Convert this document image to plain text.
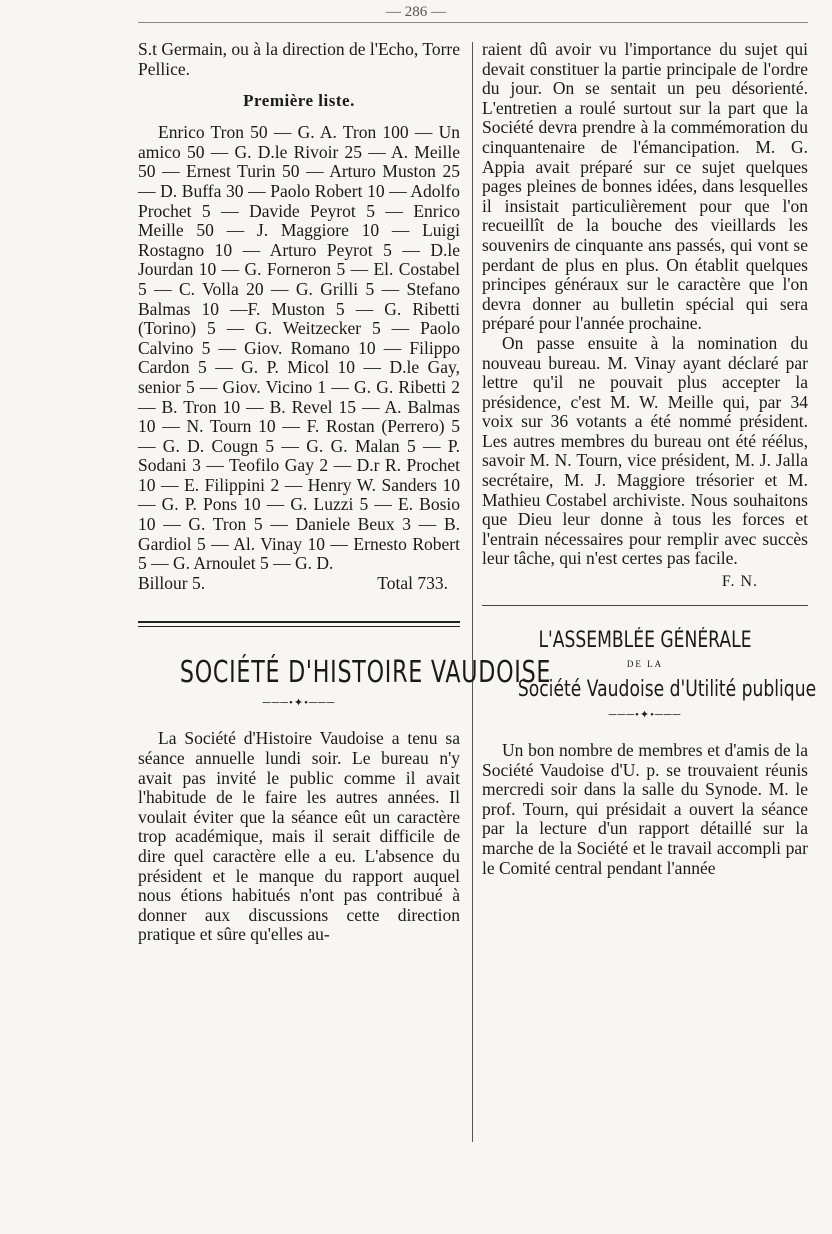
— 286 —

S.t Germain, ou à la direction de l'Echo, Torre Pellice.

Première liste.

Enrico Tron 50 — G. A. Tron 100 — Un amico 50 — G. D.le Rivoir 25 — A. Meille 50 — Ernest Turin 50 — Arturo Muston 25 — D. Buffa 30 — Paolo Robert 10 — Adolfo Prochet 5 — Davide Peyrot 5 — Enrico Meille 50 — J. Maggiore 10 — Luigi Rostagno 10 — Arturo Peyrot 5 — D.le Jourdan 10 — G. Forneron 5 — El. Costabel 5 — C. Volla 20 — G. Grilli 5 — Stefano Balmas 10 —F. Muston 5 — G. Ribetti (Torino) 5 — G. Weitzecker 5 — Paolo Calvino 5 — Giov. Romano 10 — Filippo Cardon 5 — G. P. Micol 10 — D.le Gay, senior 5 — Giov. Vicino 1 — G. G. Ribetti 2 — B. Tron 10 — B. Revel 15 — A. Balmas 10 — N. Tourn 10 — F. Rostan (Perrero) 5 — G. D. Cougn 5 — G. G. Malan 5 — P. Sodani 3 — Teofilo Gay 2 — D.r R. Prochet 10 — E. Filippini 2 — Henry W. Sanders 10 — G. P. Pons 10 — G. Luzzi 5 — E. Bosio 10 — G. Tron 5 — Daniele Beux 3 — B. Gardiol 5 — Al. Vinay 10 — Ernesto Robert 5 — G. Arnoulet 5 — G. D.

Billour 5.	Total 733.
SOCIÉTÉ D'HISTOIRE VAUDOISE
───•✦•───

La Société d'Histoire Vaudoise a tenu sa séance annuelle lundi soir. Le bureau n'y avait pas invité le public comme il avait l'habitude de le faire les autres années. Il voulait éviter que la séance eût un caractère trop académique, mais il serait difficile de dire quel caractère elle a eu. L'absence du président et le manque du rapport auquel nous étions habitués n'ont pas contribué à donner aux discussions cette direction pratique et sûre qu'elles au-

raient dû avoir vu l'importance du sujet qui devait constituer la partie principale de l'ordre du jour. On se sentait un peu désorienté. L'entretien a roulé surtout sur la part que la Société devra prendre à la commémoration du cinquantenaire de l'émancipation. M. G. Appia avait préparé sur ce sujet quelques pages pleines de bonnes idées, dans lesquelles il insistait particulièrement pour que l'on recueillît de la bouche des vieillards les souvenirs de cinquante ans passés, qui vont se perdant de plus en plus. On établit quelques principes généraux sur le caractère que l'on devra donner au bulletin spécial qui sera préparé pour l'année prochaine.

On passe ensuite à la nomination du nouveau bureau. M. Vinay ayant déclaré par lettre qu'il ne pouvait plus accepter la présidence, c'est M. W. Meille qui, par 34 voix sur 36 votants a été nommé président. Les autres membres du bureau ont été réélus, savoir M. N. Tourn, vice président, M. J. Jalla secrétaire, M. J. Maggiore trésorier et M. Mathieu Costabel archiviste. Nous souhaitons que Dieu leur donne à tous les forces et l'entrain nécessaires pour remplir avec succès leur tâche, qui n'est certes pas facile.

F. N.
L'ASSEMBLÉE GÉNÉRALE
DE LA
Société Vaudoise d'Utilité publique
───•✦•───

Un bon nombre de membres et d'amis de la Société Vaudoise d'U. p. se trouvaient réunis mercredi soir dans la salle du Synode. M. le prof. Tourn, qui présidait a ouvert la séance par la lecture d'un rapport détaillé sur la marche de la Société et le travail accompli par le Comité central pendant l'année
